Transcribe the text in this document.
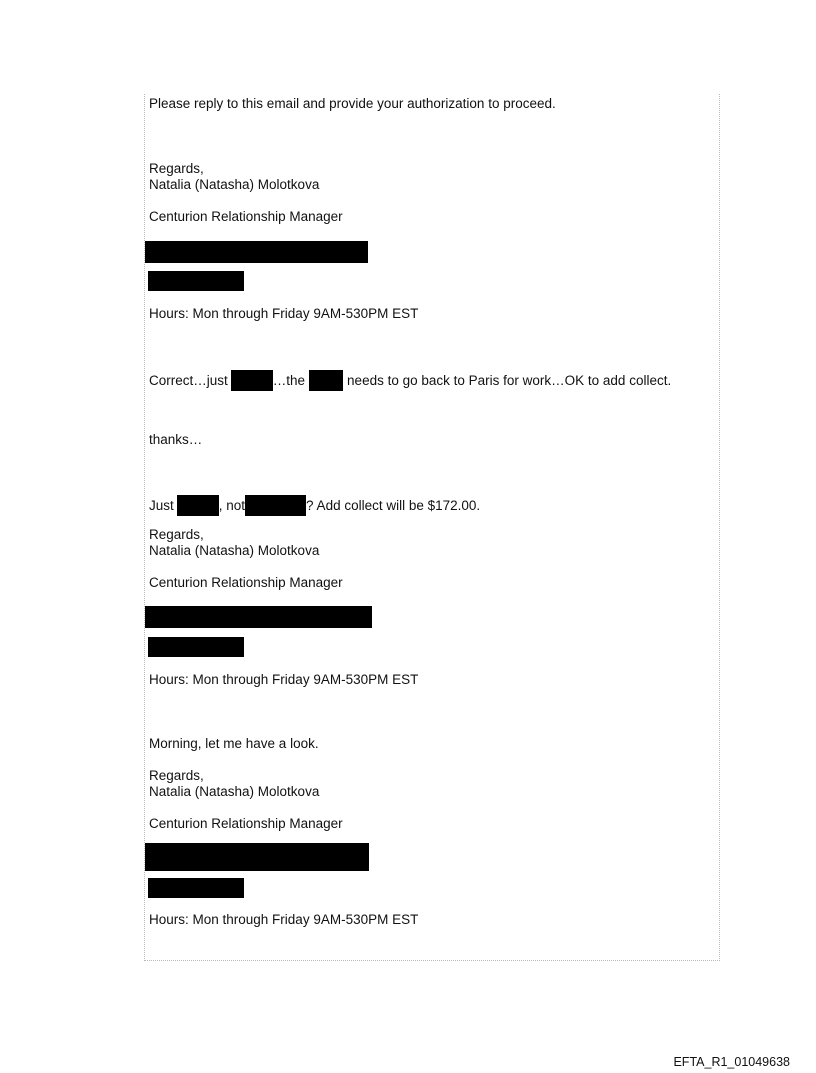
Please reply to this email and provide your authorization to proceed.
Regards,
Natalia (Natasha) Molotkova
Centurion Relationship Manager
Hours: Mon through Friday 9AM-530PM EST
Correct…just	…the	needs to go back to Paris for work…OK to add collect.
thanks…
Just	, not	? Add collect will be $172.00.
Regards,
Natalia (Natasha) Molotkova
Centurion Relationship Manager
Hours: Mon through Friday 9AM-530PM EST
Morning, let me have a look.
Regards,
Natalia (Natasha) Molotkova
Centurion Relationship Manager
Hours: Mon through Friday 9AM-530PM EST
EFTA_R1_01049638
